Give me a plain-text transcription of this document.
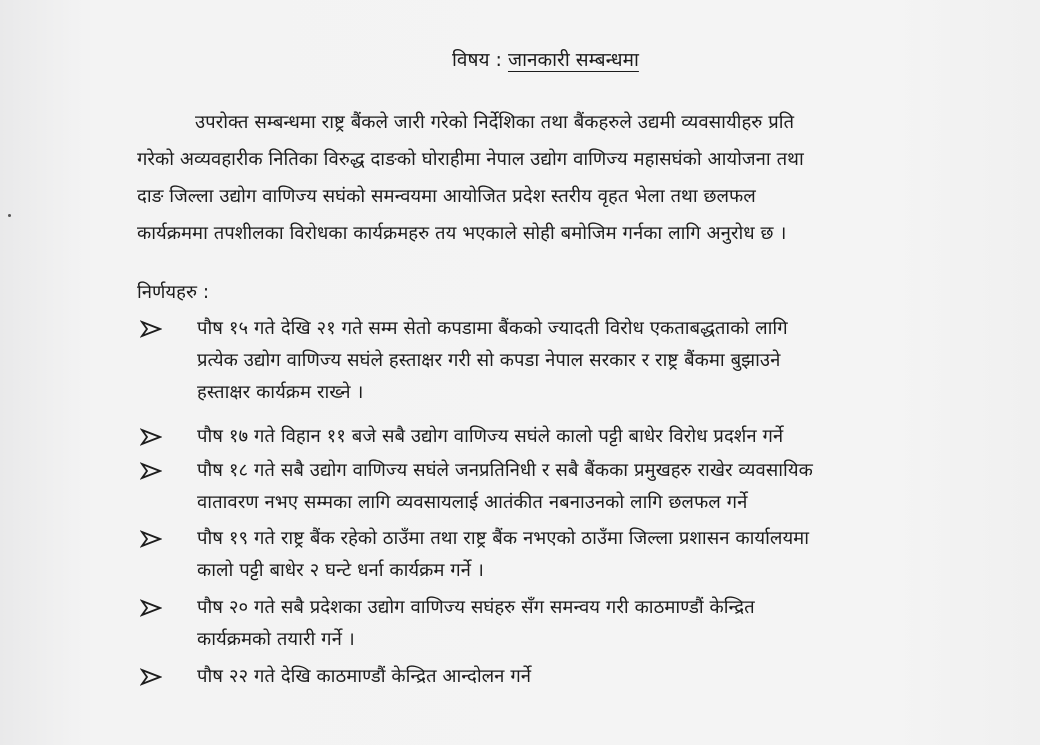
विषय : जानकारी सम्बन्धमा
उपरोक्त सम्बन्धमा राष्ट्र बैंकले जारी गरेको निर्देशिका तथा बैंकहरुले उद्यमी व्यवसायीहरु प्रति
गरेको अव्यवहारीक नितिका विरुद्ध दाङको घोराहीमा नेपाल उद्योग वाणिज्य महासघंको आयोजना तथा
दाङ जिल्ला उद्योग वाणिज्य सघंको समन्वयमा आयोजित प्रदेश स्तरीय वृहत भेला तथा छलफल
कार्यक्रममा तपशीलका विरोधका कार्यक्रमहरु तय भएकाले सोही बमोजिम गर्नका लागि अनुरोध छ ।
निर्णयहरु :
पौष १५ गते देखि २१ गते सम्म सेतो कपडामा बैंकको ज्यादती विरोध एकताबद्धताको लागि
प्रत्येक उद्योग वाणिज्य सघंले हस्ताक्षर गरी सो कपडा नेपाल सरकार र राष्ट्र बैंकमा बुझाउने
हस्ताक्षर कार्यक्रम राख्ने ।
पौष १७ गते विहान ११ बजे सबै उद्योग वाणिज्य सघंले कालो पट्टी बाधेर विरोध प्रदर्शन गर्ने
पौष १८ गते सबै उद्योग वाणिज्य सघंले जनप्रतिनिधी र सबै बैंकका प्रमुखहरु राखेर व्यवसायिक
वातावरण नभए सम्मका लागि व्यवसायलाई आतंकीत नबनाउनको लागि छलफल गर्ने
पौष १९ गते राष्ट्र बैंक रहेको ठाउँमा तथा राष्ट्र बैंक नभएको ठाउँमा जिल्ला प्रशासन कार्यालयमा
कालो पट्टी बाधेर २ घन्टे धर्ना कार्यक्रम गर्ने ।
पौष २० गते सबै प्रदेशका उद्योग वाणिज्य सघंहरु सँग समन्वय गरी काठमाण्डौं केन्द्रित
कार्यक्रमको तयारी गर्ने ।
पौष २२ गते देखि काठमाण्डौं केन्द्रित आन्दोलन गर्ने
